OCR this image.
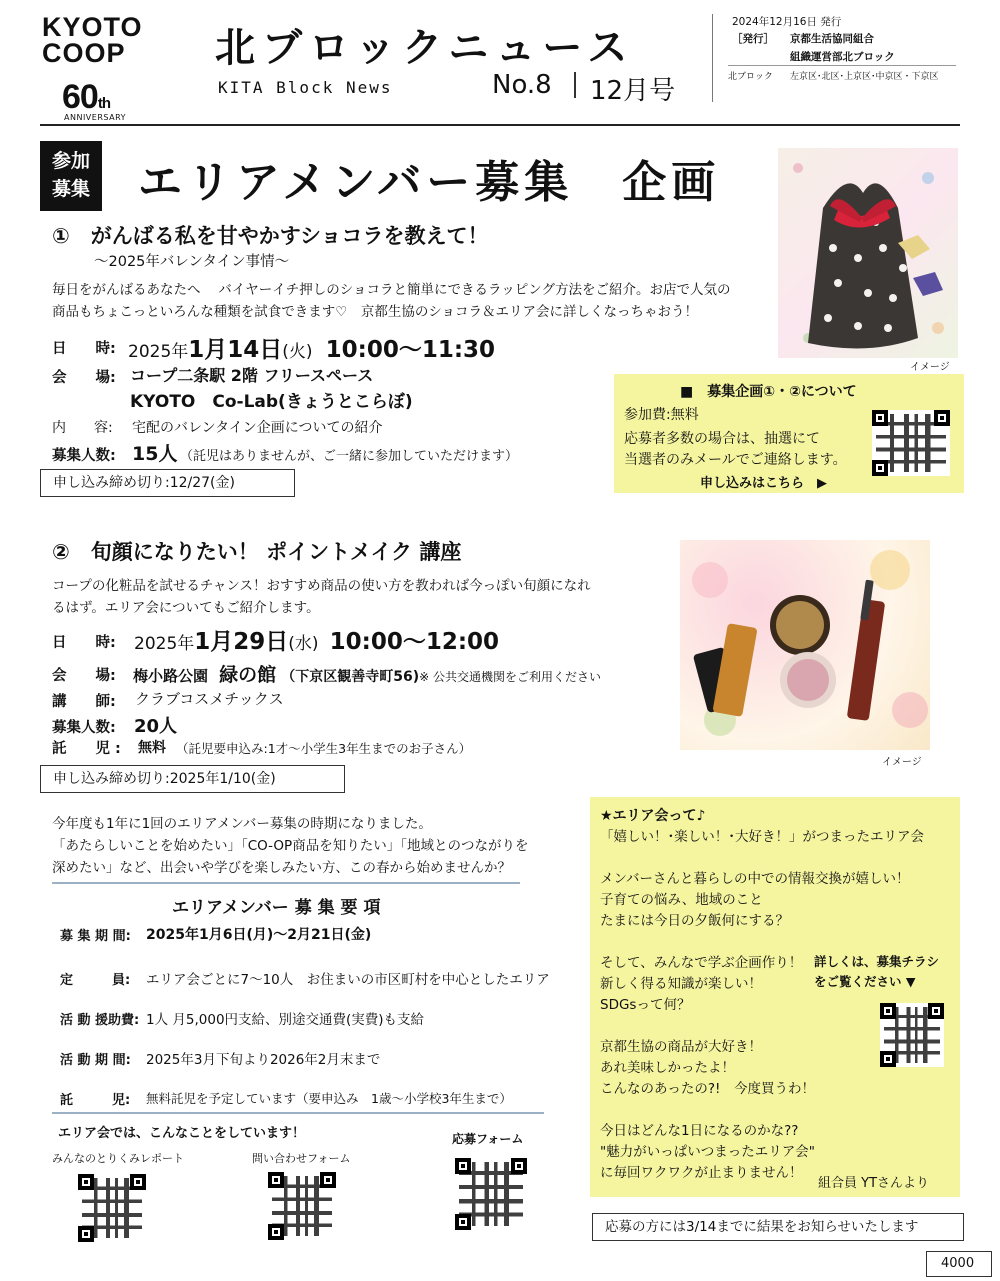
KYOTO
COOP
60th
ANNIVERSARY
北ブロックニュース
KITA Block News	No.8 12月号
2024年12月16日 発行
［発行］ 京都生活協同組合
組織運営部北ブロック
北ブロック 左京区･北区･上京区･中京区・下京区
参加
募集 エリアメンバー募集　企画
イメージ
①　がんばる私を甘やかすショコラを教えて！
～2025年バレンタイン事情～
毎日をがんばるあなたへ　 バイヤーイチ押しのショコラと簡単にできるラッピング方法をご紹介。お店で人気の
商品もちょこっといろんな種類を試食できます♡　京都生協のショコラ＆エリア会に詳しくなっちゃおう！
日　　時: 2025年1月14日(火) 10:00～11:30
会　　場: コープ二条駅 2階 フリースペース
KYOTO　Co-Lab(きょうとこらぼ)
内　　容: 宅配のバレンタイン企画についての紹介
募集人数: 15人 （託児はありませんが、ご一緒に参加していただけます）
申し込み締め切り:12/27(金)
■　募集企画①・②について
参加費:無料
応募者多数の場合は、抽選にて
当選者のみメールでご連絡します。
申し込みはこちら　▶
②　旬顔になりたい！ ポイントメイク 講座
コープの化粧品を試せるチャンス！おすすめ商品の使い方を教われば今っぽい旬顔になれ
るはず。エリア会についてもご紹介します。
日　　時: 2025年1月29日(水) 10:00～12:00
会　　場: 梅小路公園 緑の館 （下京区観善寺町56)※ 公共交通機関をご利用ください
講　　師: クラブコスメチックス
募集人数: 20人
託　　児 : 無料 （託児要申込み:1才～小学生3年生までのお子さん）
申し込み締め切り:2025年1/10(金)
イメージ
今年度も1年に1回のエリアメンバー募集の時期になりました。
「あたらしいことを始めたい」｢CO-OP商品を知りたい｣「地域とのつながりを
深めたい」など、出会いや学びを楽しみたい方、この春から始めませんか？
エリアメンバー 募 集 要 項
募 集 期 間: 2025年1月6日(月)～2月21日(金)
定　　　員: エリア会ごとに7～10人　お住まいの市区町村を中心としたエリア
活 動 援助費: 1人 月5,000円支給、別途交通費(実費)も支給
活 動 期 間: 2025年3月下旬より2026年2月末まで
託　　　児: 無料託児を予定しています（要申込み　1歳～小学校3年生まで）
エリア会では、こんなことをしています！	応募フォーム
みんなのとりくみレポート	問い合わせフォーム
★エリア会って♪
「嬉しい！･楽しい！･大好き！」がつまったエリア会
メンバーさんと暮らしの中での情報交換が嬉しい！
子育ての悩み、地域のこと
たまには今日の夕飯何にする？
そして、みんなで学ぶ企画作り！
新しく得る知識が楽しい！
SDGsって何？
京都生協の商品が大好き！
あれ美味しかったよ！
こんなのあったの?!　今度買うわ！
今日はどんな1日になるのかな??
"魅力がいっぱいつまったエリア会"
に毎回ワクワクが止まりません！
詳しくは、募集チラシ
をご覧ください ▼
組合員 YTさんより
応募の方には3/14までに結果をお知らせいたします
4000
